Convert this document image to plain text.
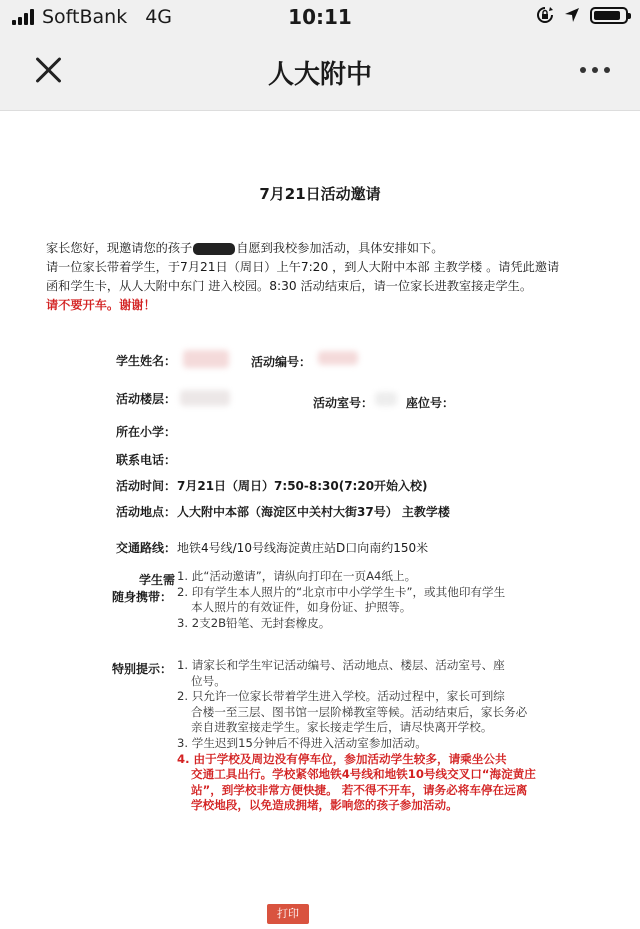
SoftBank 4G	10:11
人大附中
7月21日活动邀请
家长您好，现邀请您的孩子	自愿到我校参加活动，具体安排如下。
请一位家长带着学生，于7月21日（周日）上午7:20 ，到人大附中本部 主教学楼 。请凭此邀请
函和学生卡，从人大附中东门 进入校园。8:30 活动结束后，请一位家长进教室接走学生。
请不要开车。谢谢！
学生姓名：	活动编号：
活动楼层：	活动室号：	座位号：
所在小学：
联系电话：
活动时间： 7月21日（周日）7:50-8:30(7:20开始入校)
活动地点： 人大附中本部（海淀区中关村大街37号） 主教学楼
交通路线： 地铁4号线/10号线海淀黄庄站D口向南约150米
学生需
随身携带：
1. 此“活动邀请”，请纵向打印在一页A4纸上。
2. 印有学生本人照片的“北京市中小学学生卡”，或其他印有学生
本人照片的有效证件，如身份证、护照等。
3. 2支2B铅笔、无封套橡皮。
特别提示： 1. 请家长和学生牢记活动编号、活动地点、楼层、活动室号、座
位号。
2. 只允许一位家长带着学生进入学校。活动过程中，家长可到综
合楼一至三层、图书馆一层阶梯教室等候。活动结束后，家长务必
亲自进教室接走学生。家长接走学生后，请尽快离开学校。
3. 学生迟到15分钟后不得进入活动室参加活动。
4. 由于学校及周边没有停车位，参加活动学生较多，请乘坐公共
交通工具出行。学校紧邻地铁4号线和地铁10号线交叉口“海淀黄庄
站”，到学校非常方便快捷。 若不得不开车，请务必将车停在远离
学校地段，以免造成拥堵，影响您的孩子参加活动。
打印
